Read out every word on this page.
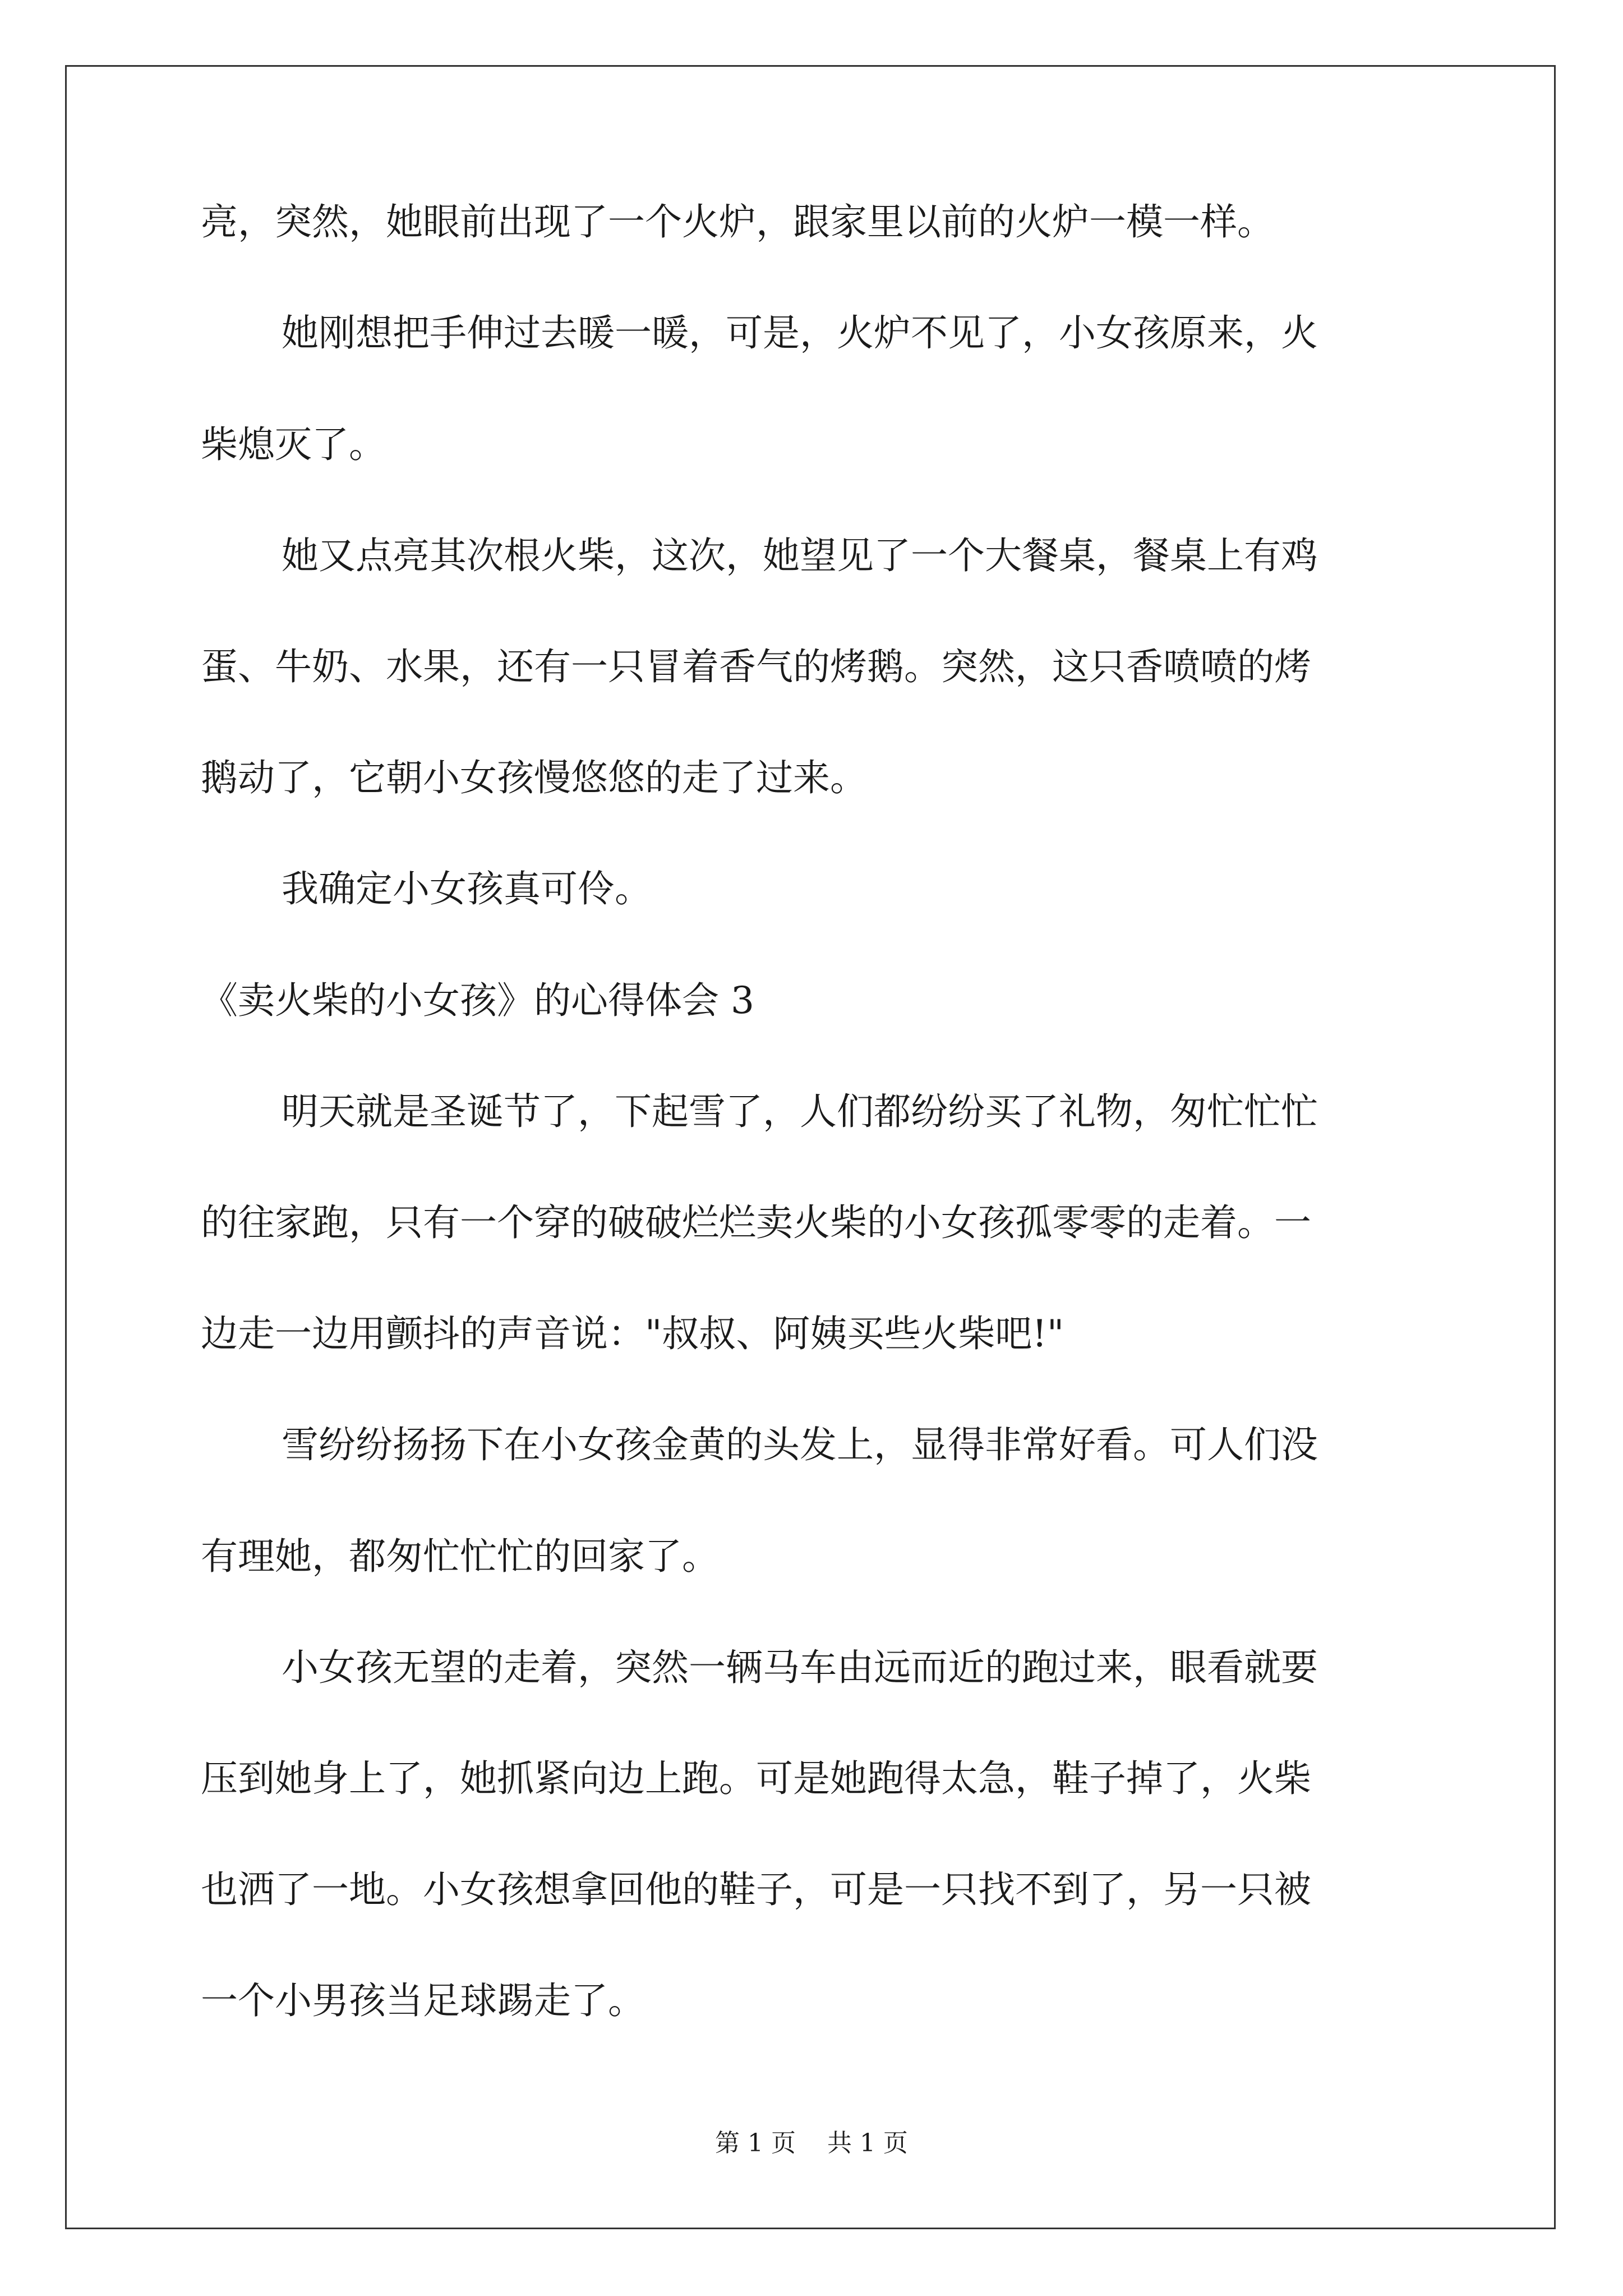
亮，突然，她眼前出现了一个火炉，跟家里以前的火炉一模一样。
她刚想把手伸过去暖一暖，可是，火炉不见了，小女孩原来，火
柴熄灭了。
她又点亮其次根火柴，这次，她望见了一个大餐桌，餐桌上有鸡
蛋、牛奶、水果，还有一只冒着香气的烤鹅。突然，这只香喷喷的烤
鹅动了，它朝小女孩慢悠悠的走了过来。
我确定小女孩真可伶。
《卖火柴的小女孩》的心得体会 3
明天就是圣诞节了，下起雪了，人们都纷纷买了礼物，匆忙忙忙
的往家跑，只有一个穿的破破烂烂卖火柴的小女孩孤零零的走着。一
边走一边用颤抖的声音说："叔叔、阿姨买些火柴吧!"
雪纷纷扬扬下在小女孩金黄的头发上，显得非常好看。可人们没
有理她，都匆忙忙忙的回家了。
小女孩无望的走着，突然一辆马车由远而近的跑过来，眼看就要
压到她身上了，她抓紧向边上跑。可是她跑得太急，鞋子掉了，火柴
也洒了一地。小女孩想拿回他的鞋子，可是一只找不到了，另一只被
一个小男孩当足球踢走了。
第 1 页 共 1 页
